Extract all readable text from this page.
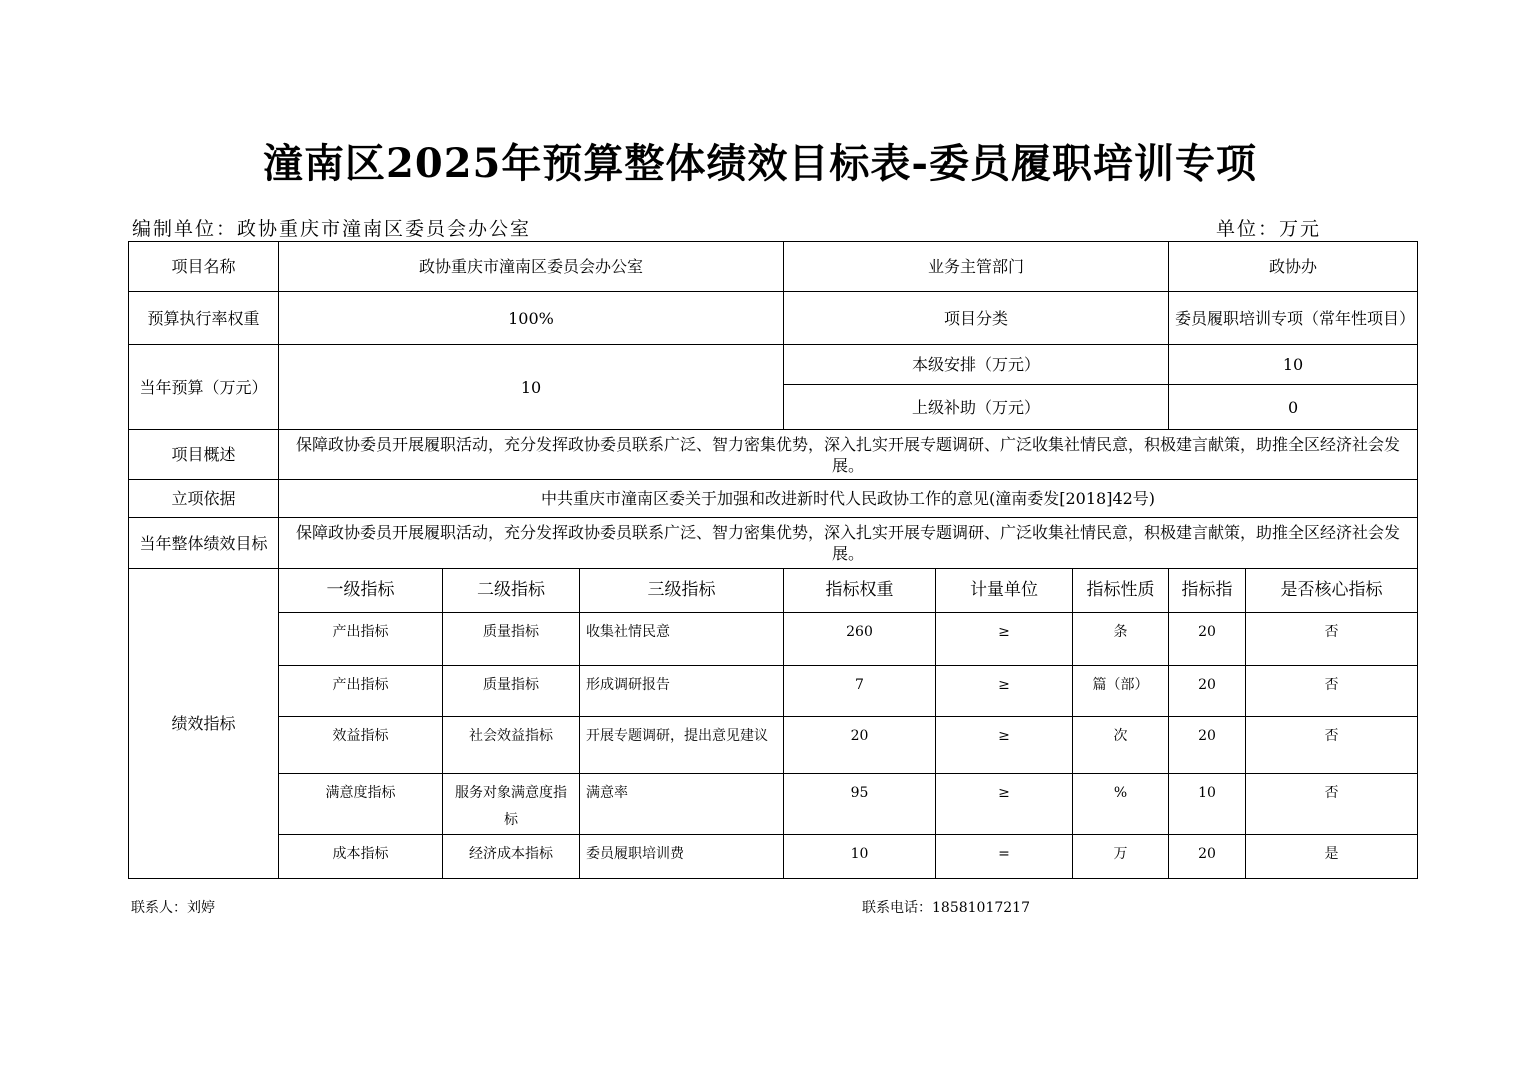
潼南区2025年预算整体绩效目标表-委员履职培训专项
编制单位：政协重庆市潼南区委员会办公室	单位：万元
项目名称	政协重庆市潼南区委员会办公室			业务主管部门			政协办	
预算执行率权重	100%			项目分类			委员履职培训专项（常年性项目）	
当年预算（万元）	10			本级安排（万元）			10	
				上级补助（万元）			0	
项目概述	保障政协委员开展履职活动，充分发挥政协委员联系广泛、智力密集优势，深入扎实开展专题调研、广泛收集社情民意，积极建言献策，助推全区经济社会发展。							
立项依据	中共重庆市潼南区委关于加强和改进新时代人民政协工作的意见(潼南委发[2018]42号)							
当年整体绩效目标	保障政协委员开展履职活动，充分发挥政协委员联系广泛、智力密集优势，深入扎实开展专题调研、广泛收集社情民意，积极建言献策，助推全区经济社会发展。							
绩效指标	一级指标	二级指标	三级指标	指标权重	计量单位	指标性质	指标指	是否核心指标
	产出指标	质量指标	收集社情民意	260	≥	条	20	否
	产出指标	质量指标	形成调研报告	7	≥	篇（部）	20	否
	效益指标	社会效益指标	开展专题调研，提出意见建议	20	≥	次	20	否
	满意度指标	服务对象满意度指标	满意率	95	≥	%	10	否
	成本指标	经济成本指标	委员履职培训费	10	=	万	20	是
联系人：刘婷	联系电话：18581017217
